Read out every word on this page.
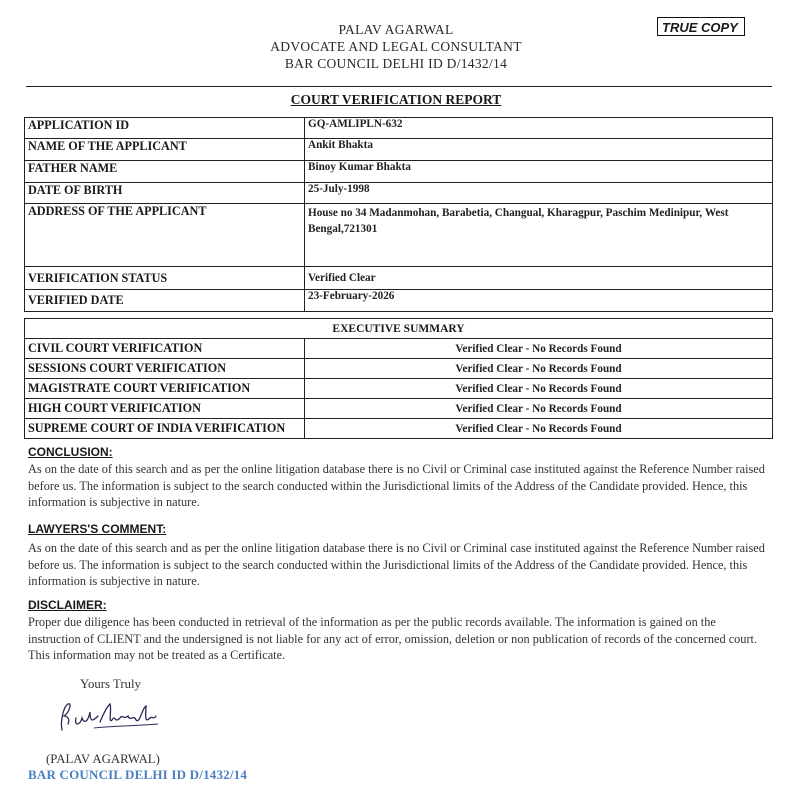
PALAV AGARWAL
ADVOCATE AND LEGAL CONSULTANT
BAR COUNCIL DELHI ID D/1432/14
TRUE COPY
COURT VERIFICATION REPORT
APPLICATION ID	GQ-AMLIPLN-632
NAME OF THE APPLICANT	Ankit Bhakta
FATHER NAME	Binoy Kumar Bhakta
DATE OF BIRTH	25-July-1998
ADDRESS OF THE APPLICANT	House no 34 Madanmohan, Barabetia, Changual, Kharagpur, Paschim Medinipur, West Bengal,721301
VERIFICATION STATUS	Verified Clear
VERIFIED DATE	23-February-2026
EXECUTIVE SUMMARY	
CIVIL COURT VERIFICATION	Verified Clear - No Records Found
SESSIONS COURT VERIFICATION	Verified Clear - No Records Found
MAGISTRATE COURT VERIFICATION	Verified Clear - No Records Found
HIGH COURT VERIFICATION	Verified Clear - No Records Found
SUPREME COURT OF INDIA VERIFICATION	Verified Clear - No Records Found
CONCLUSION:
As on the date of this search and as per the online litigation database there is no Civil or Criminal case instituted against the Reference Number raised before us. The information is subject to the search conducted within the Jurisdictional limits of the Address of the Candidate provided. Hence, this information is subjective in nature.
LAWYERS'S COMMENT:
As on the date of this search and as per the online litigation database there is no Civil or Criminal case instituted against the Reference Number raised before us. The information is subject to the search conducted within the Jurisdictional limits of the Address of the Candidate provided. Hence, this information is subjective in nature.
DISCLAIMER:
Proper due diligence has been conducted in retrieval of the information as per the public records available. The information is gained on the instruction of CLIENT and the undersigned is not liable for any act of error, omission, deletion or non publication of records of the concerned court. This information may not be treated as a Certificate.
Yours Truly
(PALAV AGARWAL)
BAR COUNCIL DELHI ID D/1432/14
